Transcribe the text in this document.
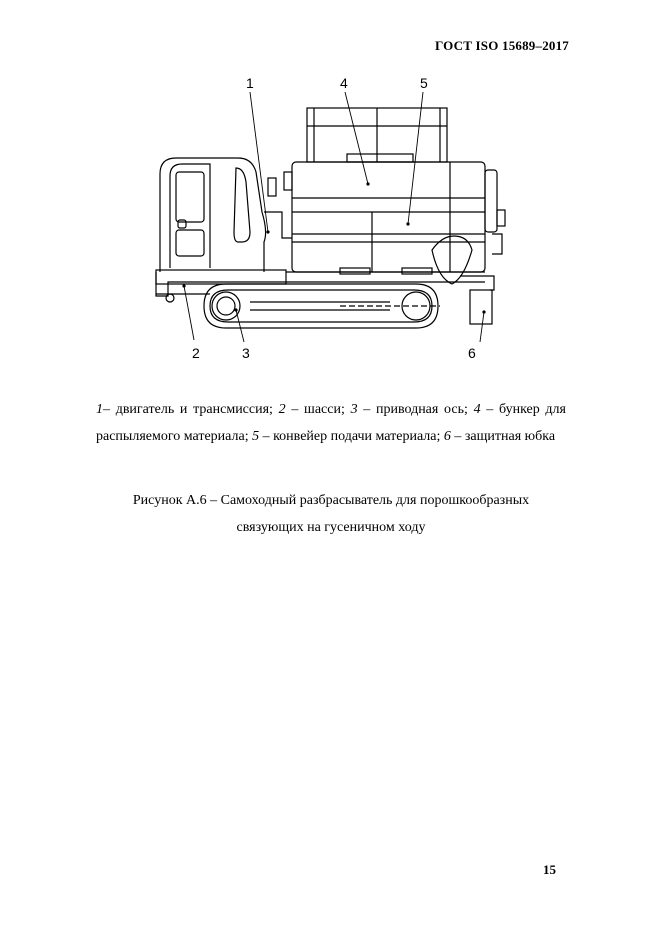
ГОСТ ISO 15689–2017
1
2	3
4	5
6
1– двигатель и трансмиссия; 2 – шасси; 3 – приводная ось; 4 – бункер для распыляемого материала; 5 – конвейер подачи материала; 6 – защитная юбка
Рисунок А.6 – Самоходный разбрасыватель для порошкообразных
связующих на гусеничном ходу
15
